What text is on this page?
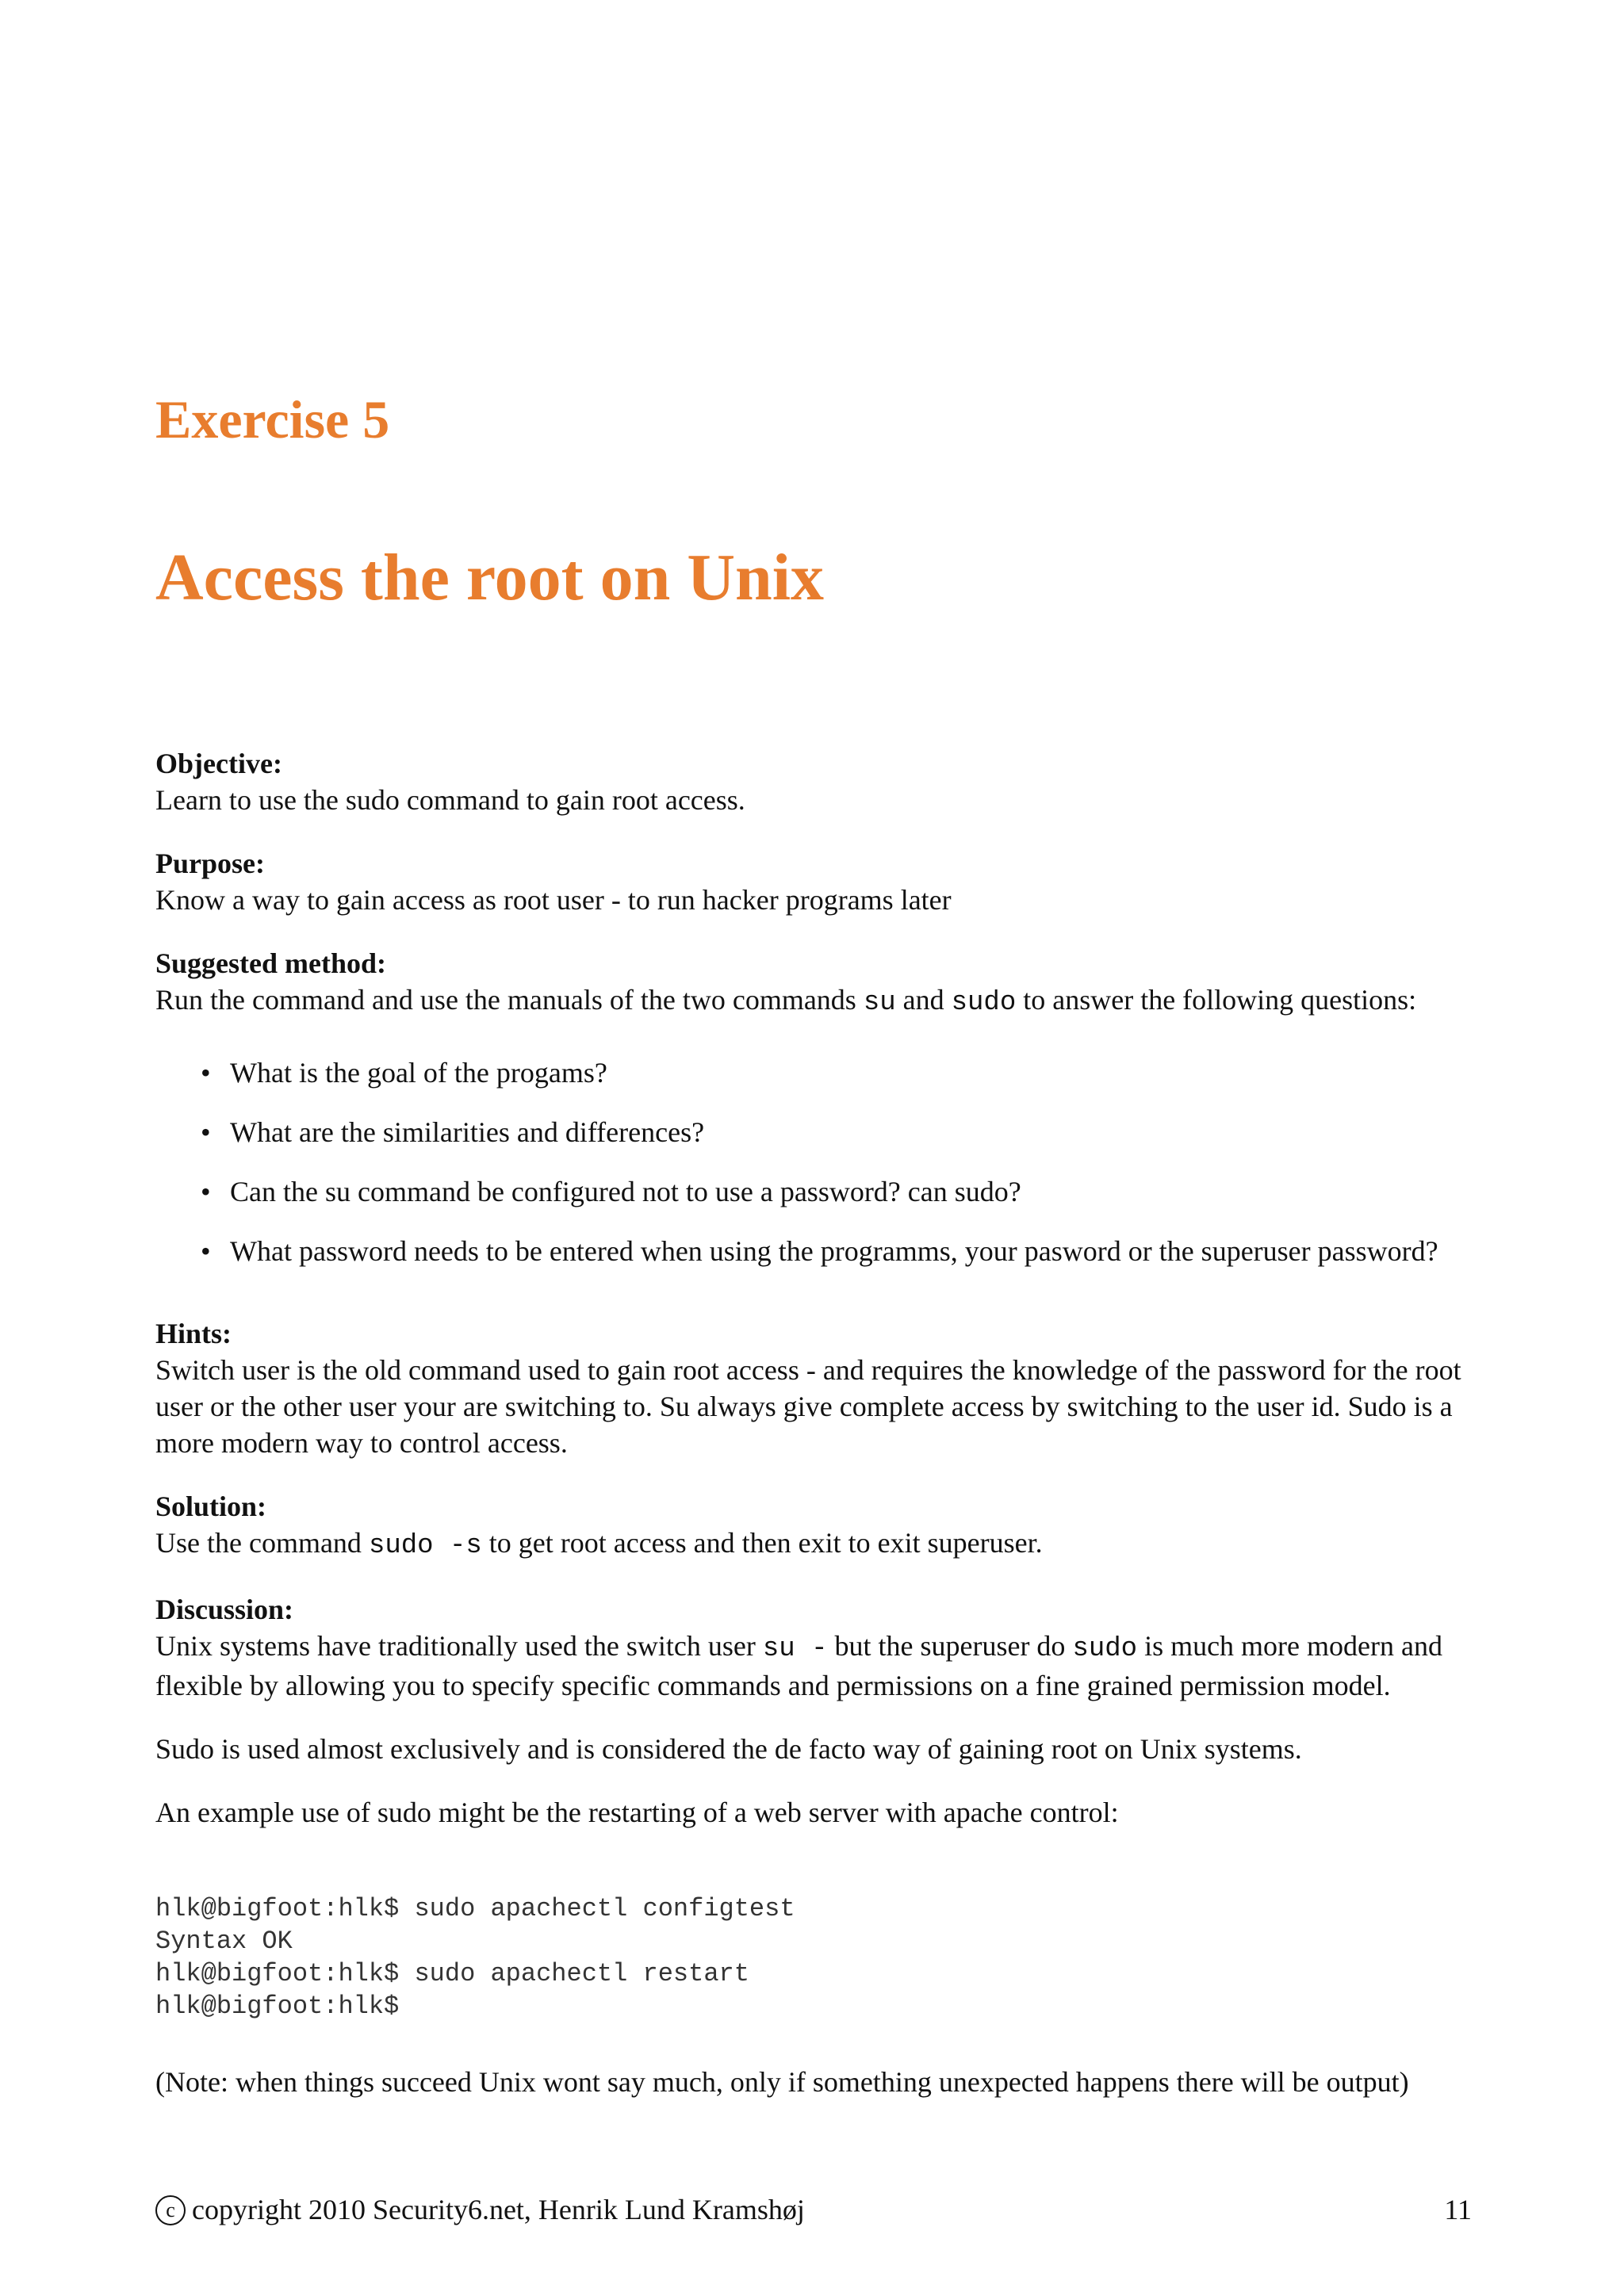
Exercise 5
Access the root on Unix
Objective:
Learn to use the sudo command to gain root access.
Purpose:
Know a way to gain access as root user - to run hacker programs later
Suggested method:
Run the command and use the manuals of the two commands su and sudo to answer the following questions:
• What is the goal of the progams?
• What are the similarities and differences?
• Can the su command be configured not to use a password? can sudo?
• What password needs to be entered when using the programms, your pasword or the superuser password?
Hints:
Switch user is the old command used to gain root access - and requires the knowledge of the password for the root user or the other user your are switching to. Su always give complete access by switching to the user id. Sudo is a more modern way to control access.
Solution:
Use the command sudo -s to get root access and then exit to exit superuser.
Discussion:

Unix systems have traditionally used the switch user su - but the superuser do sudo is much more modern and flexible by allowing you to specify specific commands and permissions on a fine grained permission model.

Sudo is used almost exclusively and is considered the de facto way of gaining root on Unix systems.

An example use of sudo might be the restarting of a web server with apache control:

hlk@bigfoot:hlk$ sudo apachectl configtest
Syntax OK
hlk@bigfoot:hlk$ sudo apachectl restart
hlk@bigfoot:hlk$

(Note: when things succeed Unix wont say much, only if something unexpected happens there will be output)

c copyright 2010 Security6.net, Henrik Lund Kramshøj	11
